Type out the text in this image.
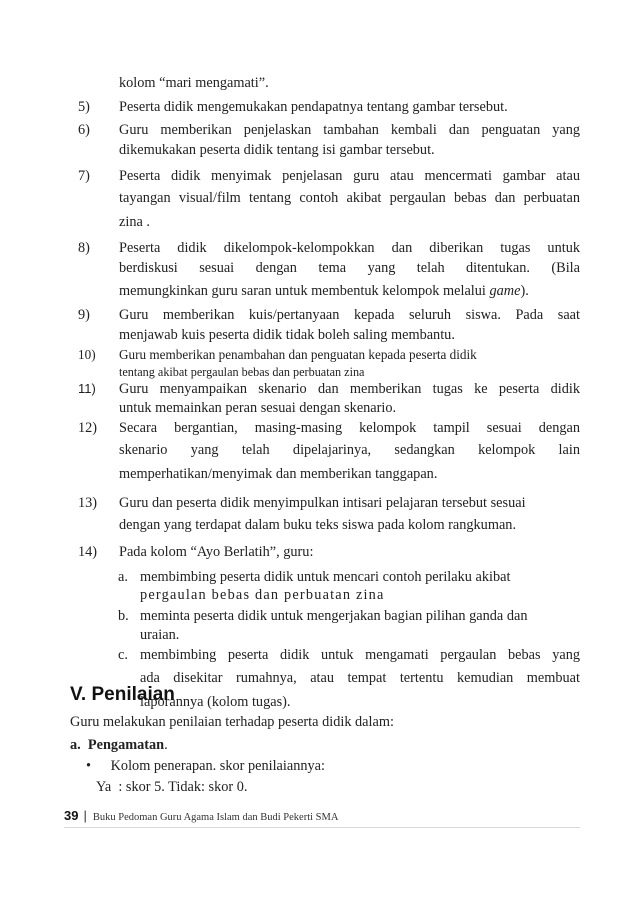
kolom “mari mengamati”.
5)	Peserta didik mengemukakan pendapatnya tentang gambar tersebut.
6)	Guru memberikan penjelaskan tambahan kembali dan penguatan yang
dikemukakan peserta didik tentang isi gambar tersebut.
7)	Peserta didik menyimak penjelasan guru atau mencermati gambar atau
tayangan visual/film tentang contoh akibat pergaulan bebas dan perbuatan
zina .
8)	Peserta didik dikelompok-kelompokkan dan diberikan tugas untuk
berdiskusi sesuai dengan tema yang telah ditentukan. (Bila
memungkinkan guru saran untuk membentuk kelompok melalui game).
9)	Guru memberikan kuis/pertanyaan kepada seluruh siswa. Pada saat
menjawab kuis peserta didik tidak boleh saling membantu.
10)	Guru memberikan penambahan dan penguatan kepada peserta didik
tentang akibat pergaulan bebas dan perbuatan zina
11)	Guru menyampaikan skenario dan memberikan tugas ke peserta didik
untuk memainkan peran sesuai dengan skenario.
12)	Secara bergantian, masing-masing kelompok tampil sesuai dengan
skenario yang telah dipelajarinya, sedangkan kelompok lain
memperhatikan/menyimak dan memberikan tanggapan.
13)	Guru dan peserta didik menyimpulkan intisari pelajaran tersebut sesuai
dengan yang terdapat dalam buku teks siswa pada kolom rangkuman.
14)	Pada kolom “Ayo Berlatih”, guru:
a. membimbing peserta didik untuk mencari contoh perilaku akibat
pergaulan bebas dan perbuatan zina
b. meminta peserta didik untuk mengerjakan bagian pilihan ganda dan
uraian.
c. membimbing peserta didik untuk mengamati pergaulan bebas yang
ada disekitar rumahnya, atau tempat tertentu kemudian membuat
laporannya (kolom tugas).
V. Penilaian
Guru melakukan penilaian terhadap peserta didik dalam:
a. Pengamatan.
• Kolom penerapan. skor penilaiannya:
Ya  : skor 5. Tidak: skor 0.
39 | Buku Pedoman Guru Agama Islam dan Budi Pekerti SMA
